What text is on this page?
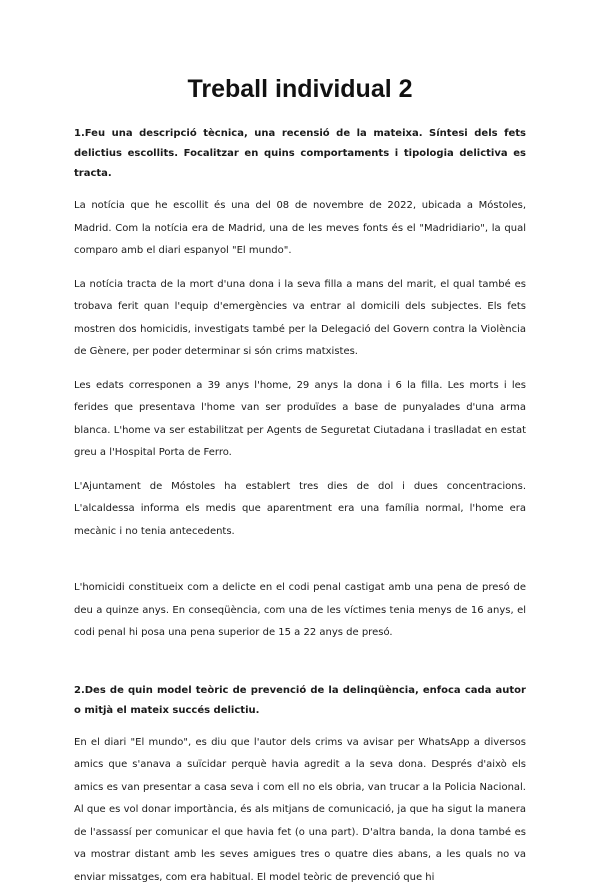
Treball individual 2

1.Feu una descripció tècnica, una recensió de la mateixa. Síntesi dels fets delictius escollits. Focalitzar en quins comportaments i tipologia delictiva es tracta.

La notícia que he escollit és una del 08 de novembre de 2022, ubicada a Móstoles, Madrid. Com la notícia era de Madrid, una de les meves fonts és el "Madridiario", la qual comparo amb el diari espanyol "El mundo".

La notícia tracta de la mort d'una dona i la seva filla a mans del marit, el qual també es trobava ferit quan l'equip d'emergències va entrar al domicili dels subjectes. Els fets mostren dos homicidis, investigats també per la Delegació del Govern contra la Violència de Gènere, per poder determinar si són crims matxistes.

Les edats corresponen a 39 anys l'home, 29 anys la dona i 6 la filla. Les morts i les ferides que presentava l'home van ser produïdes a base de punyalades d'una arma blanca. L'home va ser estabilitzat per Agents de Seguretat Ciutadana i traslladat en estat greu a l'Hospital Porta de Ferro.

L'Ajuntament de Móstoles ha establert tres dies de dol i dues concentracions. L'alcaldessa informa els medis que aparentment era una família normal, l'home era mecànic i no tenia antecedents.

L'homicidi constitueix com a delicte en el codi penal castigat amb una pena de presó de deu a quinze anys. En conseqüència, com una de les víctimes tenia menys de 16 anys, el codi penal hi posa una pena superior de 15 a 22 anys de presó.

2.Des de quin model teòric de prevenció de la delinqüència, enfoca cada autor o mitjà el mateix succés delictiu.

En el diari "El mundo", es diu que l'autor dels crims va avisar per WhatsApp a diversos amics que s'anava a suïcidar perquè havia agredit a la seva dona. Després d'això els amics es van presentar a casa seva i com ell no els obria, van trucar a la Policia Nacional. Al que es vol donar importància, és als mitjans de comunicació, ja que ha sigut la manera de l'assassí per comunicar el que havia fet (o una part). D'altra banda, la dona també es va mostrar distant amb les seves amigues tres o quatre dies abans, a les quals no va enviar missatges, com era habitual. El model teòric de prevenció que hi
